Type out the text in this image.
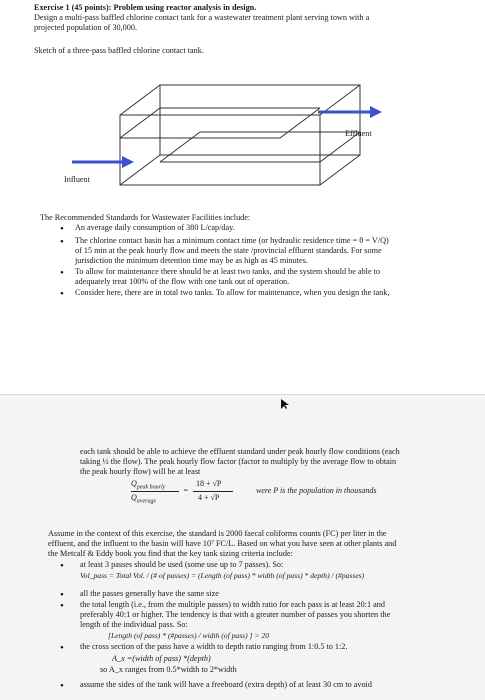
Exercise 1 (45 points): Problem using reactor analysis in design.
Design a multi-pass baffled chlorine contact tank for a wastewater treatment plant serving town with a
projected population of 30,000.
Sketch of a three-pass baffled chlorine contact tank.
Effluent
Influent
The Recommended Standards for Wastewater Facilities include:
•
An average daily consumption of 380 L/cap/day.
•
The chlorine contact basin has a minimum contact time (or hydraulic residence time = θ = V/Q)
of 15 min at the peak hourly flow and meets the state /provincial effluent standards. For some
jurisdiction the minimum detention time may be as high as 45 minutes.
•
To allow for maintenance there should be at least two tanks, and the system should be able to
adequately treat 100% of the flow with one tank out of operation.
•
Consider here, there are in total two tanks. To allow for maintenance, when you design the tank,
each tank should be able to achieve the effluent standard under peak hourly flow conditions (each
taking ½ the flow). The peak hourly flow factor (factor to multiply by the average flow to obtain
the peak hourly flow) will be at least
$Q_{peak hourly}$
$Q_{average}$
=
18 + √P
4 + √P
were P is the population in thousands
Assume in the context of this exercise, the standard is 2000 faecal coliforms counts (FC) per liter in the
effluent, and the influent to the basin will have 10⁷ FC/L. Based on what you have seen at other plants and
the Metcalf & Eddy book you find that the key tank sizing criteria include:
•
at least 3 passes should be used (some use up to 7 passes). So:
Vol_pass = Total Vol. / (# of passes) = (Length (of pass) * width (of pass) * depth) / (#passes)
•
all the passes generally have the same size
•
the total length (i.e., from the multiple passes) to width ratio for each pass is at least 20:1 and
preferably 40:1 or higher. The tendency is that with a greater number of passes you shorten the
length of the individual pass. So:
[Length (of pass) * (#passes) / width (of pass) ] > 20
•
the cross section of the pass have a width to depth ratio ranging from 1:0.5 to 1:2.
A_x =(width of pass) *(depth)
so A_x ranges from 0.5*width to 2*width
•
assume the sides of the tank will have a freeboard (extra depth) of at least 30 cm to avoid
